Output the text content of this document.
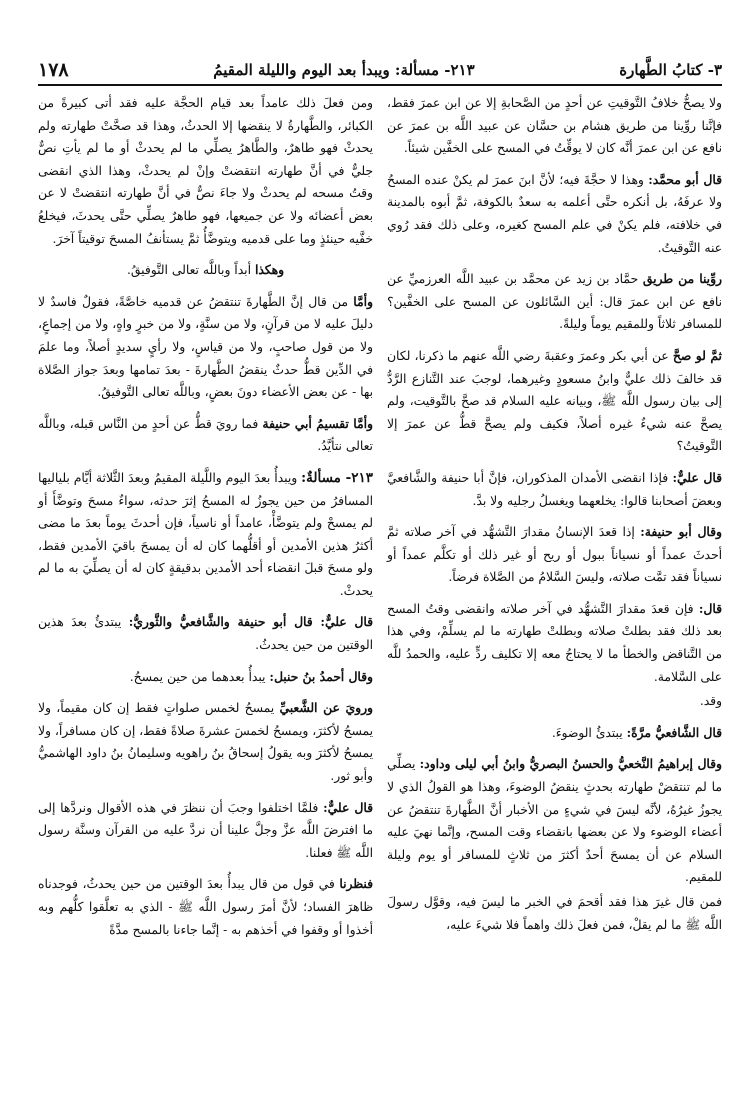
٣- كتابُ الطَّهارة
٢١٣- مسألة: ويبدأ بعد اليوم والليلة المقيمُ
١٧٨

ولا يصحُّ خلافُ التَّوقيتِ عن أحدٍ من الصَّحابةِ إلا عن ابن عمرَ فقط، فإنَّنا روِّينا من طريق هشام بن حسَّان عن عبيد اللَّه بن عمرَ عن نافع عن ابن عمرَ أنَّه كان لا يوقِّتُ في المسح على الخفَّين شيئاً.

قال أبو محمَّد: وهذا لا حجَّةَ فيه؛ لأنَّ ابنَ عمرَ لم يكنْ عنده المسحُ ولا عرفَهُ، بل أنكره حتَّى أعلمه به سعدٌ بالكوفة، ثمَّ أبوه بالمدينة في خلافته، فلم يكنْ في علم المسح كغيره، وعلى ذلك فقد رُوي عنه التَّوقيتُ.

روِّينا من طريق حمَّاد بن زيد عن محمَّد بن عبيد اللَّه العرزميِّ عن نافع عن ابن عمرَ قال: أين السَّائلون عن المسح على الخفَّين؟ للمسافر ثلاثاً وللمقيم يوماً وليلةً.

ثمَّ لو صحَّ عن أبي بكر وعمرَ وعقبةَ رضي اللَّه عنهم ما ذكرنا، لكان قد خالفَ ذلك عليٌّ وابنُ مسعودٍ وغيرهما، لوجبَ عند التَّنازع الرَّدُّ إلى بيان رسول اللَّه ﷺ، وبيانه عليه السلام قد صحَّ بالتَّوقيت، ولم يصحَّ عنه شيءٌ غيره أصلاً، فكيف ولم يصحَّ قطُّ عن عمرَ إلا التَّوقيتُ؟

قال عليٌّ: فإذا انقضى الأمدان المذكوران، فإنَّ أبا حنيفة والشَّافعيَّ وبعضَ أصحابنا قالوا: يخلعهما ويغسلُ رجليه ولا بدَّ.

وقال أبو حنيفة: إذا قعدَ الإنسانُ مقدارَ التَّشهُّد في آخر صلاته ثمَّ أحدثَ عمداً أو نسياناً ببول أو ريح أو غير ذلك أو تكلَّم عمداً أو نسياناً فقد تمَّت صلاته، وليسَ السَّلامُ من الصَّلاة فرضاً.

قال: فإن قعدَ مقدارَ التَّشهُّد في آخر صلاته وانقضى وقتُ المسح بعد ذلك فقد بطلتْ صلاته وبطلتْ طهارته ما لم يسلِّمْ، وفي هذا من التَّناقض والخطأ ما لا يحتاجُ معه إلا تكليف ردٍّ عليه، والحمدُ للَّه على السَّلامة.

وقد.

قال الشَّافعيُّ مرَّةً: يبتدئُ الوضوءَ.

وقال إبراهيمُ النَّخعيُّ والحسنُ البصريُّ وابنُ أبي ليلى وداود: يصلِّي ما لم تنتقضْ طهارته بحدثٍ ينقضُ الوضوءَ، وهذا هو القولُ الذي لا يجوزُ غيرُهُ، لأنَّه ليسَ في شيءٍ من الأخبار أنَّ الطَّهارةَ تنتقضُ عن أعضاء الوضوء ولا عن بعضها بانقضاء وقت المسح، وإنَّما نهيَ عليه السلام عن أن يمسحَ أحدٌ أكثرَ من ثلاثٍ للمسافر أو يوم وليلة للمقيم.

فمن قال غيرَ هذا فقد أقحمَ في الخبر ما ليسَ فيه، وقوَّل رسولَ اللَّه ﷺ ما لم يقلْ، فمن فعلَ ذلك واهماً فلا شيءَ عليه،

ومن فعلَ ذلك عامداً بعد قيام الحجَّة عليه فقد أتى كبيرةً من الكبائر، والطَّهارةُ لا ينقضها إلا الحدثُ، وهذا قد صحَّتْ طهارته ولم يحدثْ فهو طاهرٌ، والطَّاهرُ يصلِّي ما لم يحدثْ أو ما لم يأتِ نصٌّ جليٌّ في أنَّ طهارته انتقضتْ وإنْ لم يحدثْ، وهذا الذي انقضى وقتُ مسحه لم يحدثْ ولا جاءَ نصٌّ في أنَّ طهارته انتقضتْ لا عن بعض أعضائه ولا عن جميعها، فهو طاهرٌ يصلِّي حتَّى يحدثَ، فيخلعُ خفَّيه حينئذٍ وما على قدميه ويتوضَّأُ ثمَّ يستأنفُ المسحَ توقيتاً آخرَ.

وهكذا أبداً وباللَّه تعالى التَّوفيقُ.

وأمَّا من قال إنَّ الطَّهارةَ تنتقضُ عن قدميه خاصَّةً، فقولٌ فاسدٌ لا دليلَ عليه لا من قرآنٍ، ولا من سنَّةٍ، ولا من خبرٍ واهٍ، ولا من إجماعٍ، ولا من قول صاحبٍ، ولا من قياسٍ، ولا رأيٍ سديدٍ أصلاً، وما علمَ في الدِّين قطُّ حدثٌ ينقضُ الطَّهارةَ - بعدَ تمامها وبعدَ جواز الصَّلاة بها - عن بعض الأعضاء دونَ بعضٍ، وباللَّه تعالى التَّوفيقُ.

وأمَّا تقسيمُ أبي حنيفة فما رويَ قطُّ عن أحدٍ من النَّاس قبله، وباللَّه تعالى نتأيَّدُ.

٢١٣- مسألةٌ: ويبدأُ بعدَ اليوم واللَّيلة المقيمُ وبعدَ الثَّلاثة أيَّام بلياليها المسافرُ من حين يجوزُ له المسحُ إثرَ حدثه، سواءٌ مسحَ وتوضَّأَ أو لم يمسحْ ولم يتوضَّأْ، عامداً أو ناسياً، فإن أحدثَ يوماً بعدَ ما مضى أكثرُ هذين الأمدين أو أقلُّهما كان له أن يمسحَ باقيَ الأمدين فقط، ولو مسحَ قبلَ انقضاء أحد الأمدين بدقيقةٍ كان له أن يصلِّيَ به ما لم يحدثْ.

قال عليٌّ: قال أبو حنيفة والشَّافعيُّ والثَّوريُّ: يبتدئُ بعدَ هذين الوقتين من حين يحدثُ.

وقال أحمدُ بنُ حنبل: يبدأُ بعدهما من حين يمسحُ.

ورويَ عن الشَّعبيِّ يمسحُ لخمس صلواتٍ فقط إن كان مقيماً، ولا يمسحُ لأكثرَ، ويمسحُ لخمسَ عشرةَ صلاةً فقط، إن كان مسافراً، ولا يمسحُ لأكثرَ وبه يقولُ إسحاقُ بنُ راهويه وسليمانُ بنُ داود الهاشميُّ وأبو ثور.

قال عليٌّ: فلمَّا اختلفوا وجبَ أن ننظرَ في هذه الأقوال ونردَّها إلى ما افترضَ اللَّه عزَّ وجلَّ علينا أن نردَّ عليه من القرآن وسنَّة رسول اللَّه ﷺ فعلنا.

فنظرنا في قول من قال يبدأُ بعدَ الوقتين من حين يحدثُ، فوجدناه ظاهرَ الفساد؛ لأنَّ أمرَ رسول اللَّه ﷺ - الذي به تعلَّقوا كلُّهم وبه أخذوا أو وقفوا في أخذهم به - إنَّما جاءنا بالمسح مدَّةً
